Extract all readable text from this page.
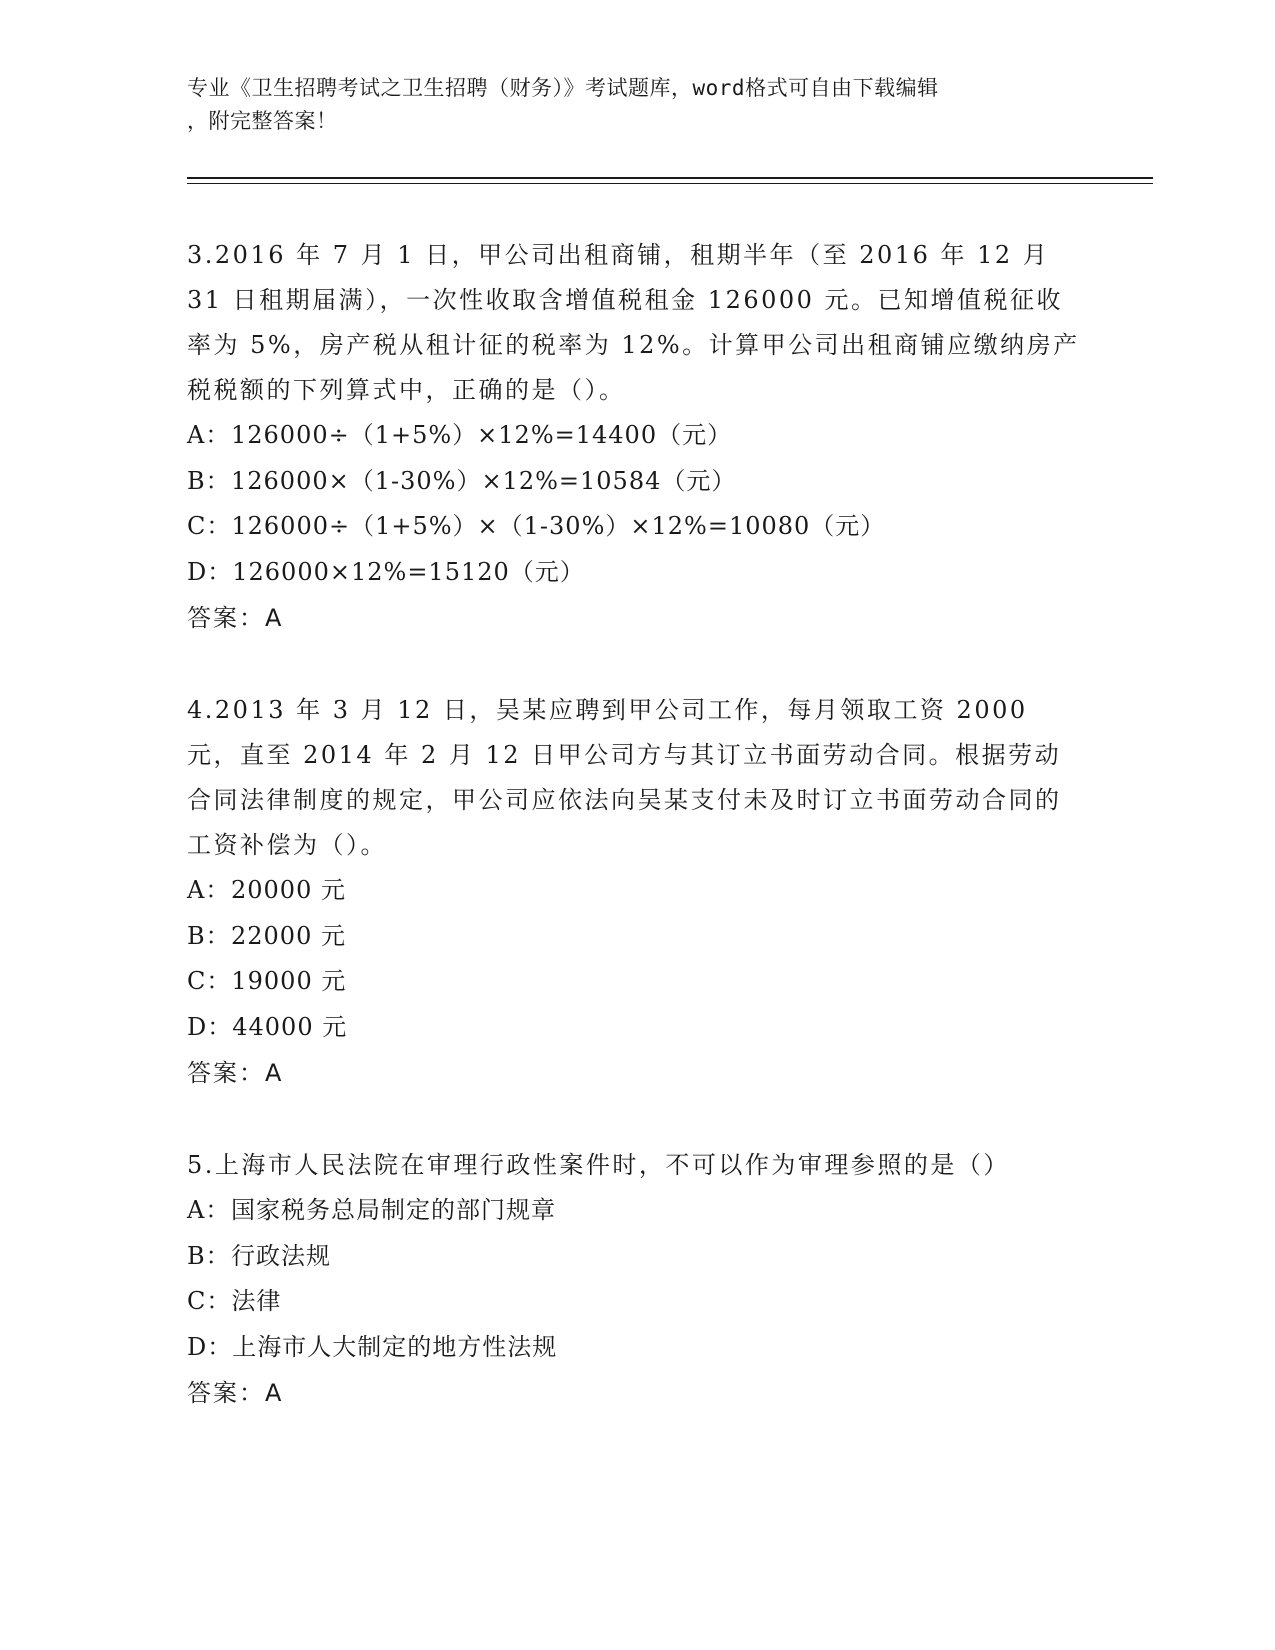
专业《卫生招聘考试之卫生招聘（财务）》考试题库，word格式可自由下载编辑
，附完整答案！
3.2016 年 7 月 1 日，甲公司出租商铺，租期半年（至 2016 年 12 月 31 日租期届满），一次性收取含增值税租金 126000 元。已知增值税征收率为 5%，房产税从租计征的税率为 12%。计算甲公司出租商铺应缴纳房产税税额的下列算式中，正确的是（）。
A：126000÷（1+5%）×12%=14400（元）
B：126000×（1-30%）×12%=10584（元）
C：126000÷（1+5%）×（1-30%）×12%=10080（元）
D：126000×12%=15120（元）
答案：A
4.2013 年 3 月 12 日，吴某应聘到甲公司工作，每月领取工资 2000 元，直至 2014 年 2 月 12 日甲公司方与其订立书面劳动合同。根据劳动合同法律制度的规定，甲公司应依法向吴某支付未及时订立书面劳动合同的工资补偿为（）。
A：20000 元
B：22000 元
C：19000 元
D：44000 元
答案：A
5.上海市人民法院在审理行政性案件时，不可以作为审理参照的是（）
A：国家税务总局制定的部门规章
B：行政法规
C：法律
D：上海市人大制定的地方性法规
答案：A
